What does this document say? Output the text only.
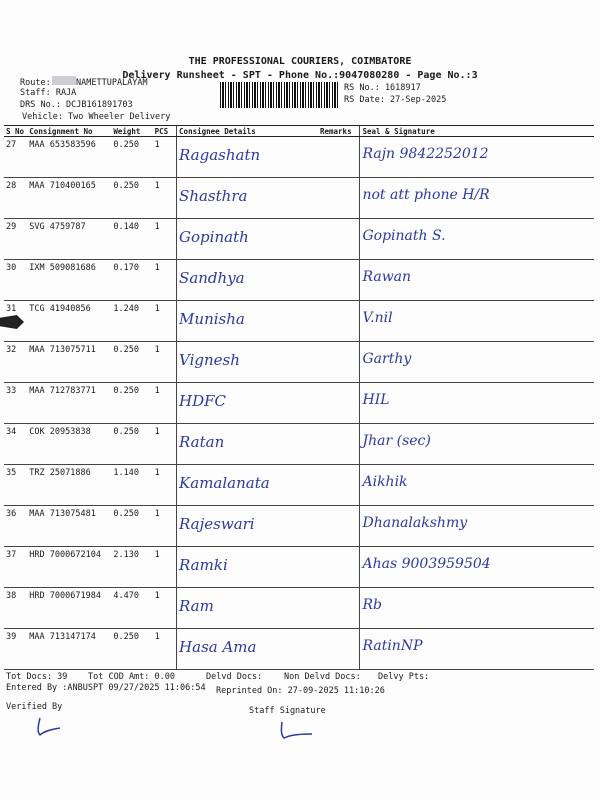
THE PROFESSIONAL COURIERS, COIMBATORE
Delivery Runsheet - SPT - Phone No.:9047080280 - Page No.:3
Route:	NAMETTUPALAYAM
Staff: RAJA
DRS No.: DCJB161891703
Vehicle: Two Wheeler Delivery
RS No.: 1618917
RS Date: 27-Sep-2025
S No	Consignment No	Weight	PCS	Consignee Details	Remarks	Seal & Signature
27	MAA 653583596	0.250	1	Ragashatn		Rajn 9842252012

28	MAA 710400165	0.250	1	Shasthra		not att phone H/R

29	SVG 4759787	0.140	1	Gopinath		Gopinath S.

30	IXM 509081686	0.170	1	Sandhya		Rawan

31	TCG 41940856	1.240	1	Munisha		V.nil

32	MAA 713075711	0.250	1	Vignesh		Garthy

33	MAA 712783771	0.250	1	HDFC		HIL

34	COK 20953838	0.250	1	Ratan		Jhar (sec)

35	TRZ 25071886	1.140	1	Kamalanata		Aikhik

36	MAA 713075481	0.250	1	Rajeswari		Dhanalakshmy

37	HRD 7000672104	2.130	1	Ramki		Ahas 9003959504

38	HRD 7000671984	4.470	1	Ram		Rb

39	MAA 713147174	0.250	1	Hasa Ama		RatinNP
Tot Docs: 39 Tot COD Amt: 0.00	Delvd Docs:	Non Delvd Docs: Delvy Pts:
Entered By :ANBUSPT 09/27/2025 11:06:54 Reprinted On: 27-09-2025 11:10:26
Verified By	Staff Signature
